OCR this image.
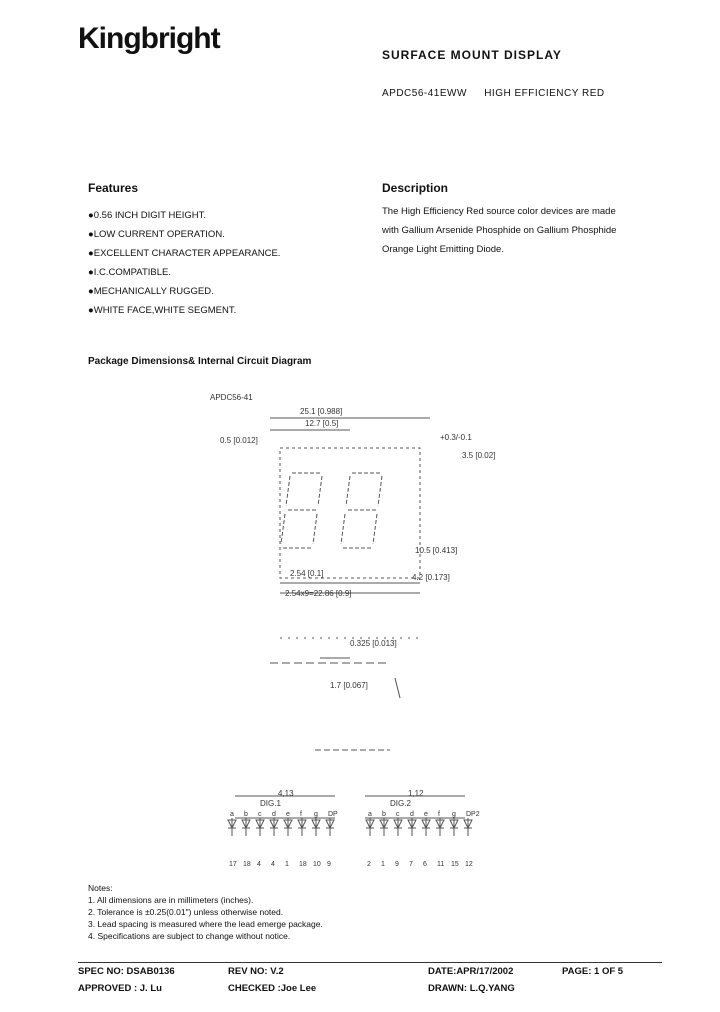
Kingbright	SURFACE MOUNT DISPLAY
APDC56-41EWW HIGH EFFICIENCY RED
Features
●0.56 INCH DIGIT HEIGHT.
●LOW CURRENT OPERATION.
●EXCELLENT CHARACTER APPEARANCE.
●I.C.COMPATIBLE.
●MECHANICALLY RUGGED.
●WHITE FACE,WHITE SEGMENT.
Description
The High Efficiency Red source color devices are made with Gallium Arsenide Phosphide on Gallium Phosphide Orange Light Emitting Diode.
Package Dimensions& Internal Circuit Diagram
APDC56-41
25.1 [0.988]
12.7 [0.5]
0.5 [0.012]	+0.3/-0.1
3.5 [0.02]
2.54 [0.1]
2.54x9=22.86 [0.9]
4.2 [0.173]
10.5 [0.413]
0.325 [0.013]
1.7 [0.067]
4,13
DIG.1
1,12
DIG.2
a
17
b
18
c
4
d
4
e
1
f
18
g
10
DP
9
a
2
b
1
c
9
d
7
e
6
f
11
g
15
DP2
12
Notes:
1. All dimensions are in millimeters (inches).
2. Tolerance is ±0.25(0.01") unless otherwise noted.
3. Lead spacing is measured where the lead emerge package.
4. Specifications are subject to change without notice.
SPEC NO: DSAB0136	REV NO: V.2	DATE:APR/17/2002	PAGE: 1 OF 5
APPROVED : J. Lu	CHECKED :Joe Lee	DRAWN: L.Q.YANG
